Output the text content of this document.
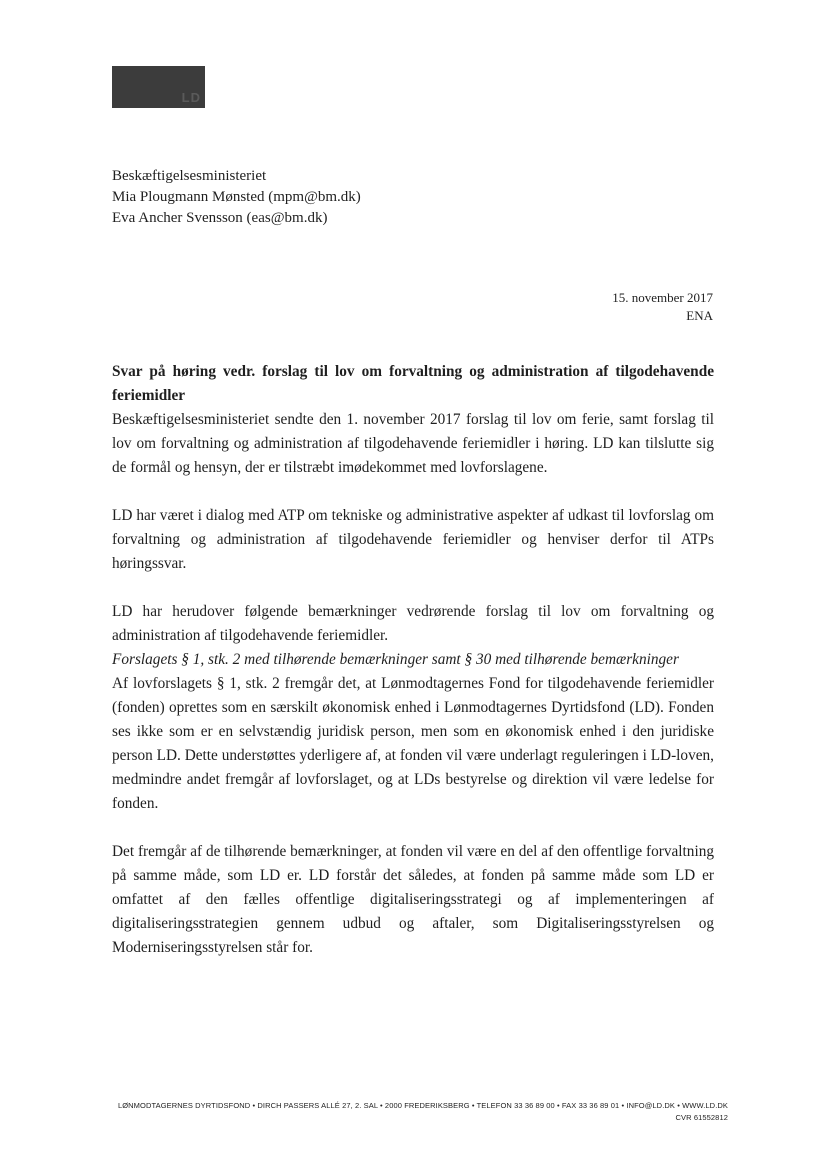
LD
Beskæftigelsesministeriet
Mia Plougmann Mønsted (mpm@bm.dk)
Eva Ancher Svensson (eas@bm.dk)
15. november 2017
ENA

Svar på høring vedr. forslag til lov om forvaltning og administration af tilgodehavende feriemidler

Beskæftigelsesministeriet sendte den 1. november 2017 forslag til lov om ferie, samt forslag til lov om forvaltning og administration af tilgodehavende feriemidler i høring. LD kan tilslutte sig de formål og hensyn, der er tilstræbt imødekommet med lovforslagene.

LD har været i dialog med ATP om tekniske og administrative aspekter af udkast til lovforslag om forvaltning og administration af tilgodehavende feriemidler og henviser derfor til ATPs høringssvar.

LD har herudover følgende bemærkninger vedrørende forslag til lov om forvaltning og administration af tilgodehavende feriemidler.

Forslagets § 1, stk. 2 med tilhørende bemærkninger samt § 30 med tilhørende bemærkninger

Af lovforslagets § 1, stk. 2 fremgår det, at Lønmodtagernes Fond for tilgodehavende feriemidler (fonden) oprettes som en særskilt økonomisk enhed i Lønmodtagernes Dyrtidsfond (LD). Fonden ses ikke som er en selvstændig juridisk person, men som en økonomisk enhed i den juridiske person LD. Dette understøttes yderligere af, at fonden vil være underlagt reguleringen i LD-loven, medmindre andet fremgår af lovforslaget, og at LDs bestyrelse og direktion vil være ledelse for fonden.

Det fremgår af de tilhørende bemærkninger, at fonden vil være en del af den offentlige forvaltning på samme måde, som LD er. LD forstår det således, at fonden på samme måde som LD er omfattet af den fælles offentlige digitaliseringsstrategi og af implementeringen af digitaliseringsstrategien gennem udbud og aftaler, som Digitaliseringsstyrelsen og Moderniseringsstyrelsen står for.

LØNMODTAGERNES DYRTIDSFOND • DIRCH PASSERS ALLÉ 27, 2. SAL • 2000 FREDERIKSBERG • TELEFON 33 36 89 00 • FAX 33 36 89 01 • INFO@LD.DK • WWW.LD.DK
CVR 61552812
